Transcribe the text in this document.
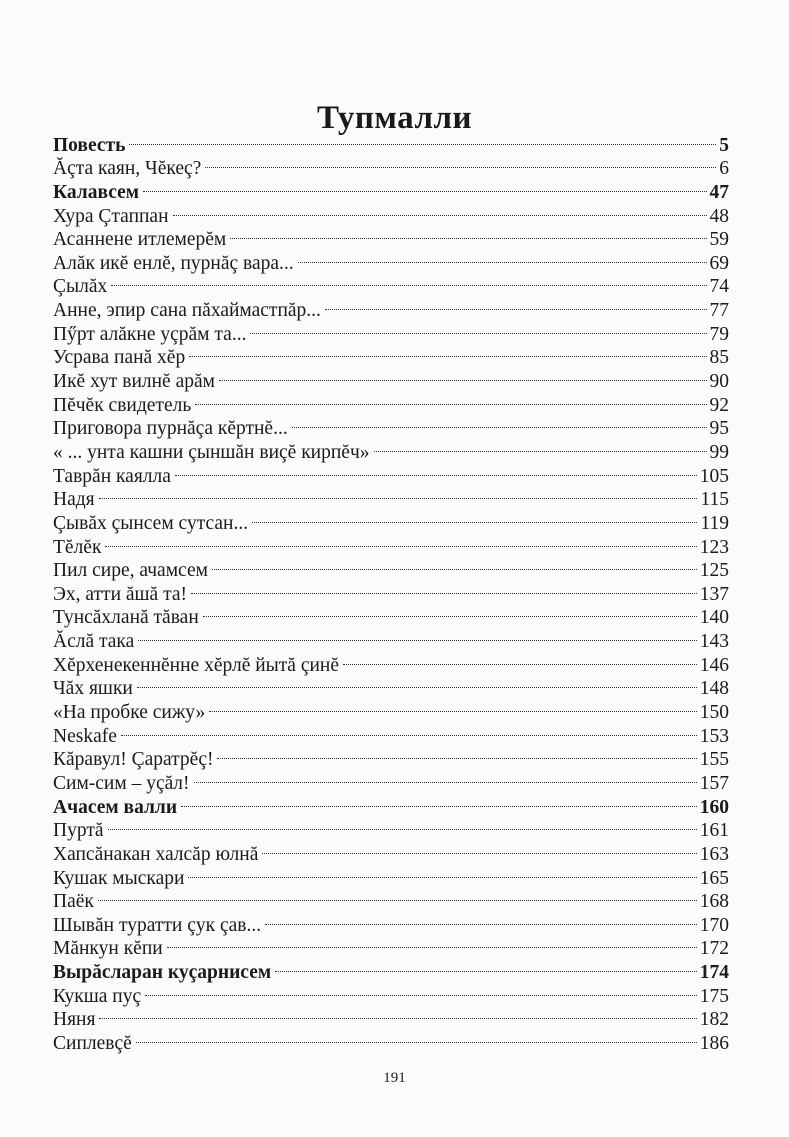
Тупмалли
Повесть	5
Ăçта каян, Чĕкеç?	6
Калавсем	47
Хура Çтаппан	48
Асаннене итлемерĕм	59
Алăк икĕ енлĕ, пурнăç вара...	69
Çылăх	74
Анне, эпир сана пăхаймастпăр...	77
Пӳрт алăкне уçрăм та...	79
Усрава панă хĕр	85
Икĕ хут вилнĕ арăм	90
Пĕчĕк свидетель	92
Приговора пурнăçа кĕртнĕ...	95
« ... унта кашни çыншăн виçĕ кирпĕч»	99
Таврăн каялла	105
Надя	115
Çывăх çынсем сутсан...	119
Тĕлĕк	123
Пил сире, ачамсем	125
Эх, атти ăшă та!	137
Тунсăхланă тăван	140
Ăслă така	143
Хĕрхенекеннĕнне хĕрлĕ йытă çинĕ	146
Чăх яшки	148
«На пробке сижу»	150
Neskafe	153
Кăравул! Çаратрĕç!	155
Сим-сим – уçăл!	157
Ачасем валли	160
Пуртă	161
Хапсăнакан халсăр юлнă	163
Кушак мыскари	165
Паёк	168
Шывăн туратти çук çав...	170
Мăнкун кĕпи	172
Вырăсларан куçарнисем	174
Кукша пуç	175
Няня	182
Сиплевçĕ	186
191
